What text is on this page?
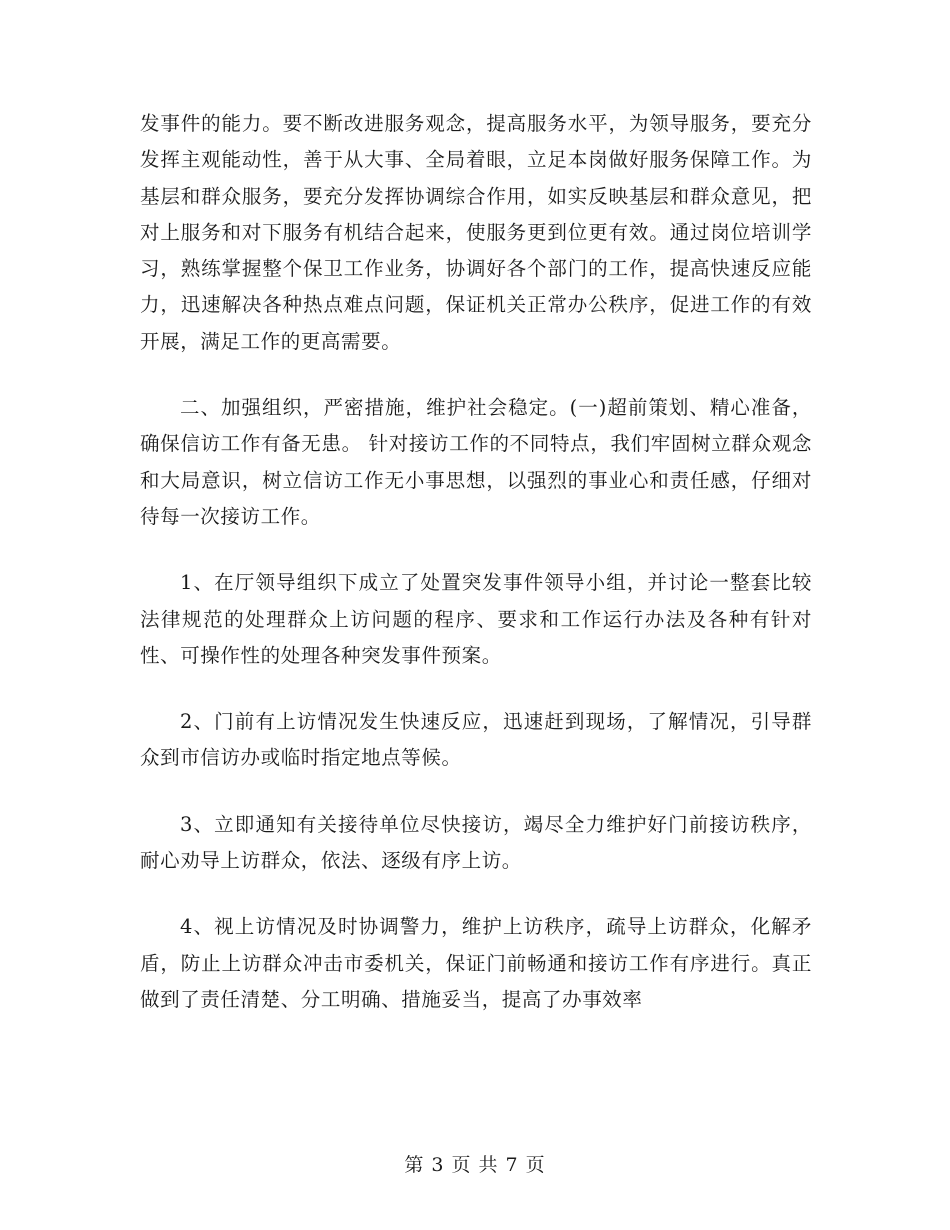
发事件的能力。要不断改进服务观念，提高服务水平，为领导服务，要充分发挥主观能动性，善于从大事、全局着眼，立足本岗做好服务保障工作。为基层和群众服务，要充分发挥协调综合作用，如实反映基层和群众意见，把对上服务和对下服务有机结合起来，使服务更到位更有效。通过岗位培训学习，熟练掌握整个保卫工作业务，协调好各个部门的工作，提高快速反应能力，迅速解决各种热点难点问题，保证机关正常办公秩序，促进工作的有效开展，满足工作的更高需要。

二、加强组织，严密措施，维护社会稳定。(一)超前策划、精心准备，确保信访工作有备无患。 针对接访工作的不同特点，我们牢固树立群众观念和大局意识，树立信访工作无小事思想，以强烈的事业心和责任感，仔细对待每一次接访工作。

1、在厅领导组织下成立了处置突发事件领导小组，并讨论一整套比较法律规范的处理群众上访问题的程序、要求和工作运行办法及各种有针对性、可操作性的处理各种突发事件预案。

2、门前有上访情况发生快速反应，迅速赶到现场，了解情况，引导群众到市信访办或临时指定地点等候。

3、立即通知有关接待单位尽快接访，竭尽全力维护好门前接访秩序，耐心劝导上访群众，依法、逐级有序上访。

4、视上访情况及时协调警力，维护上访秩序，疏导上访群众，化解矛盾，防止上访群众冲击市委机关，保证门前畅通和接访工作有序进行。真正做到了责任清楚、分工明确、措施妥当，提高了办事效率

第 3 页 共 7 页
